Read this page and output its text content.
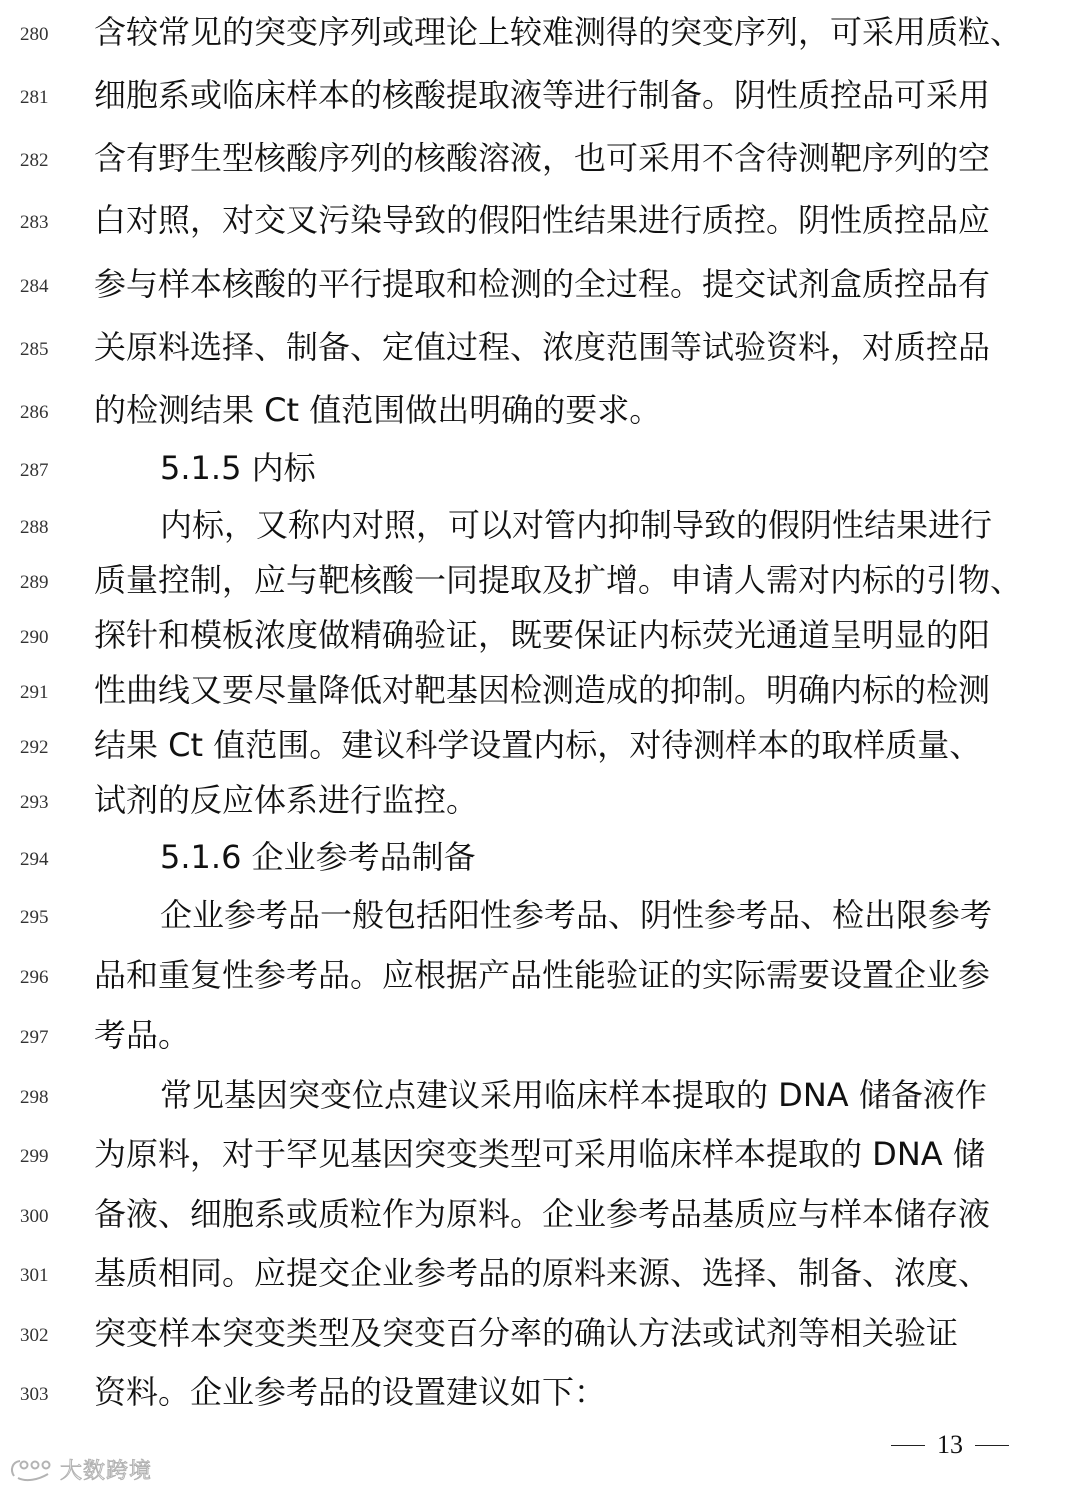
280	含较常见的突变序列或理论上较难测得的突变序列，可采用质粒、
281	细胞系或临床样本的核酸提取液等进行制备。阴性质控品可采用
282	含有野生型核酸序列的核酸溶液，也可采用不含待测靶序列的空
283	白对照，对交叉污染导致的假阳性结果进行质控。阴性质控品应
284	参与样本核酸的平行提取和检测的全过程。提交试剂盒质控品有
285	关原料选择、制备、定值过程、浓度范围等试验资料，对质控品
286	的检测结果 Ct 值范围做出明确的要求。
287	5.1.5 内标
288	内标，又称内对照，可以对管内抑制导致的假阴性结果进行
289	质量控制，应与靶核酸一同提取及扩增。申请人需对内标的引物、
290	探针和模板浓度做精确验证，既要保证内标荧光通道呈明显的阳
291	性曲线又要尽量降低对靶基因检测造成的抑制。明确内标的检测
292	结果 Ct 值范围。建议科学设置内标，对待测样本的取样质量、
293	试剂的反应体系进行监控。
294	5.1.6 企业参考品制备
295	企业参考品一般包括阳性参考品、阴性参考品、检出限参考
296	品和重复性参考品。应根据产品性能验证的实际需要设置企业参
297	考品。
298	常见基因突变位点建议采用临床样本提取的 DNA 储备液作
299	为原料，对于罕见基因突变类型可采用临床样本提取的 DNA 储
300	备液、细胞系或质粒作为原料。企业参考品基质应与样本储存液
301	基质相同。应提交企业参考品的原料来源、选择、制备、浓度、
302	突变样本突变类型及突变百分率的确认方法或试剂等相关验证
303	资料。企业参考品的设置建议如下：
13
大数跨境
